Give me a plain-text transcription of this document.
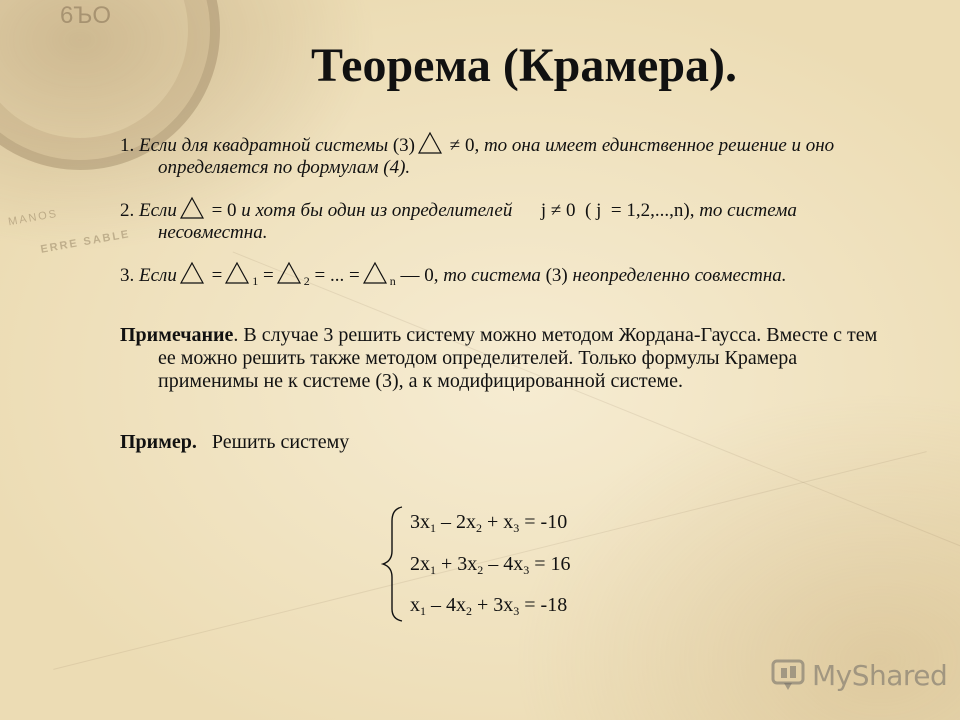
6ЪО
MANOS
ERRE SABLE
Теорема (Крамера).

1. Если для квадратной системы (3)
≠ 0, то она имеет единственное решение и оно определяется по формулам (4).

2. Если
= 0 и хотя бы один из определителей      j ≠ 0  ( j  = 1,2,...,n), то система несовместна.

3. Если
=	$_1$ =	$_2$ = ... =	$_n$ — 0, то система (3) неопределенно совместна.

Примечание. В случае 3 решить систему можно методом Жордана-Гаусса. Вместе с тем ее можно решить также методом определителей. Только формулы Крамера применимы не к системе (3), а к модифицированной системе.

Пример. Решить систему

$3x_1 - 2x_2 + x_3 = -10$
$2x_1 + 3x_2 - 4x_3 = 16$
$x_1 - 4x_2 + 3x_3 = -18$
MyShared
